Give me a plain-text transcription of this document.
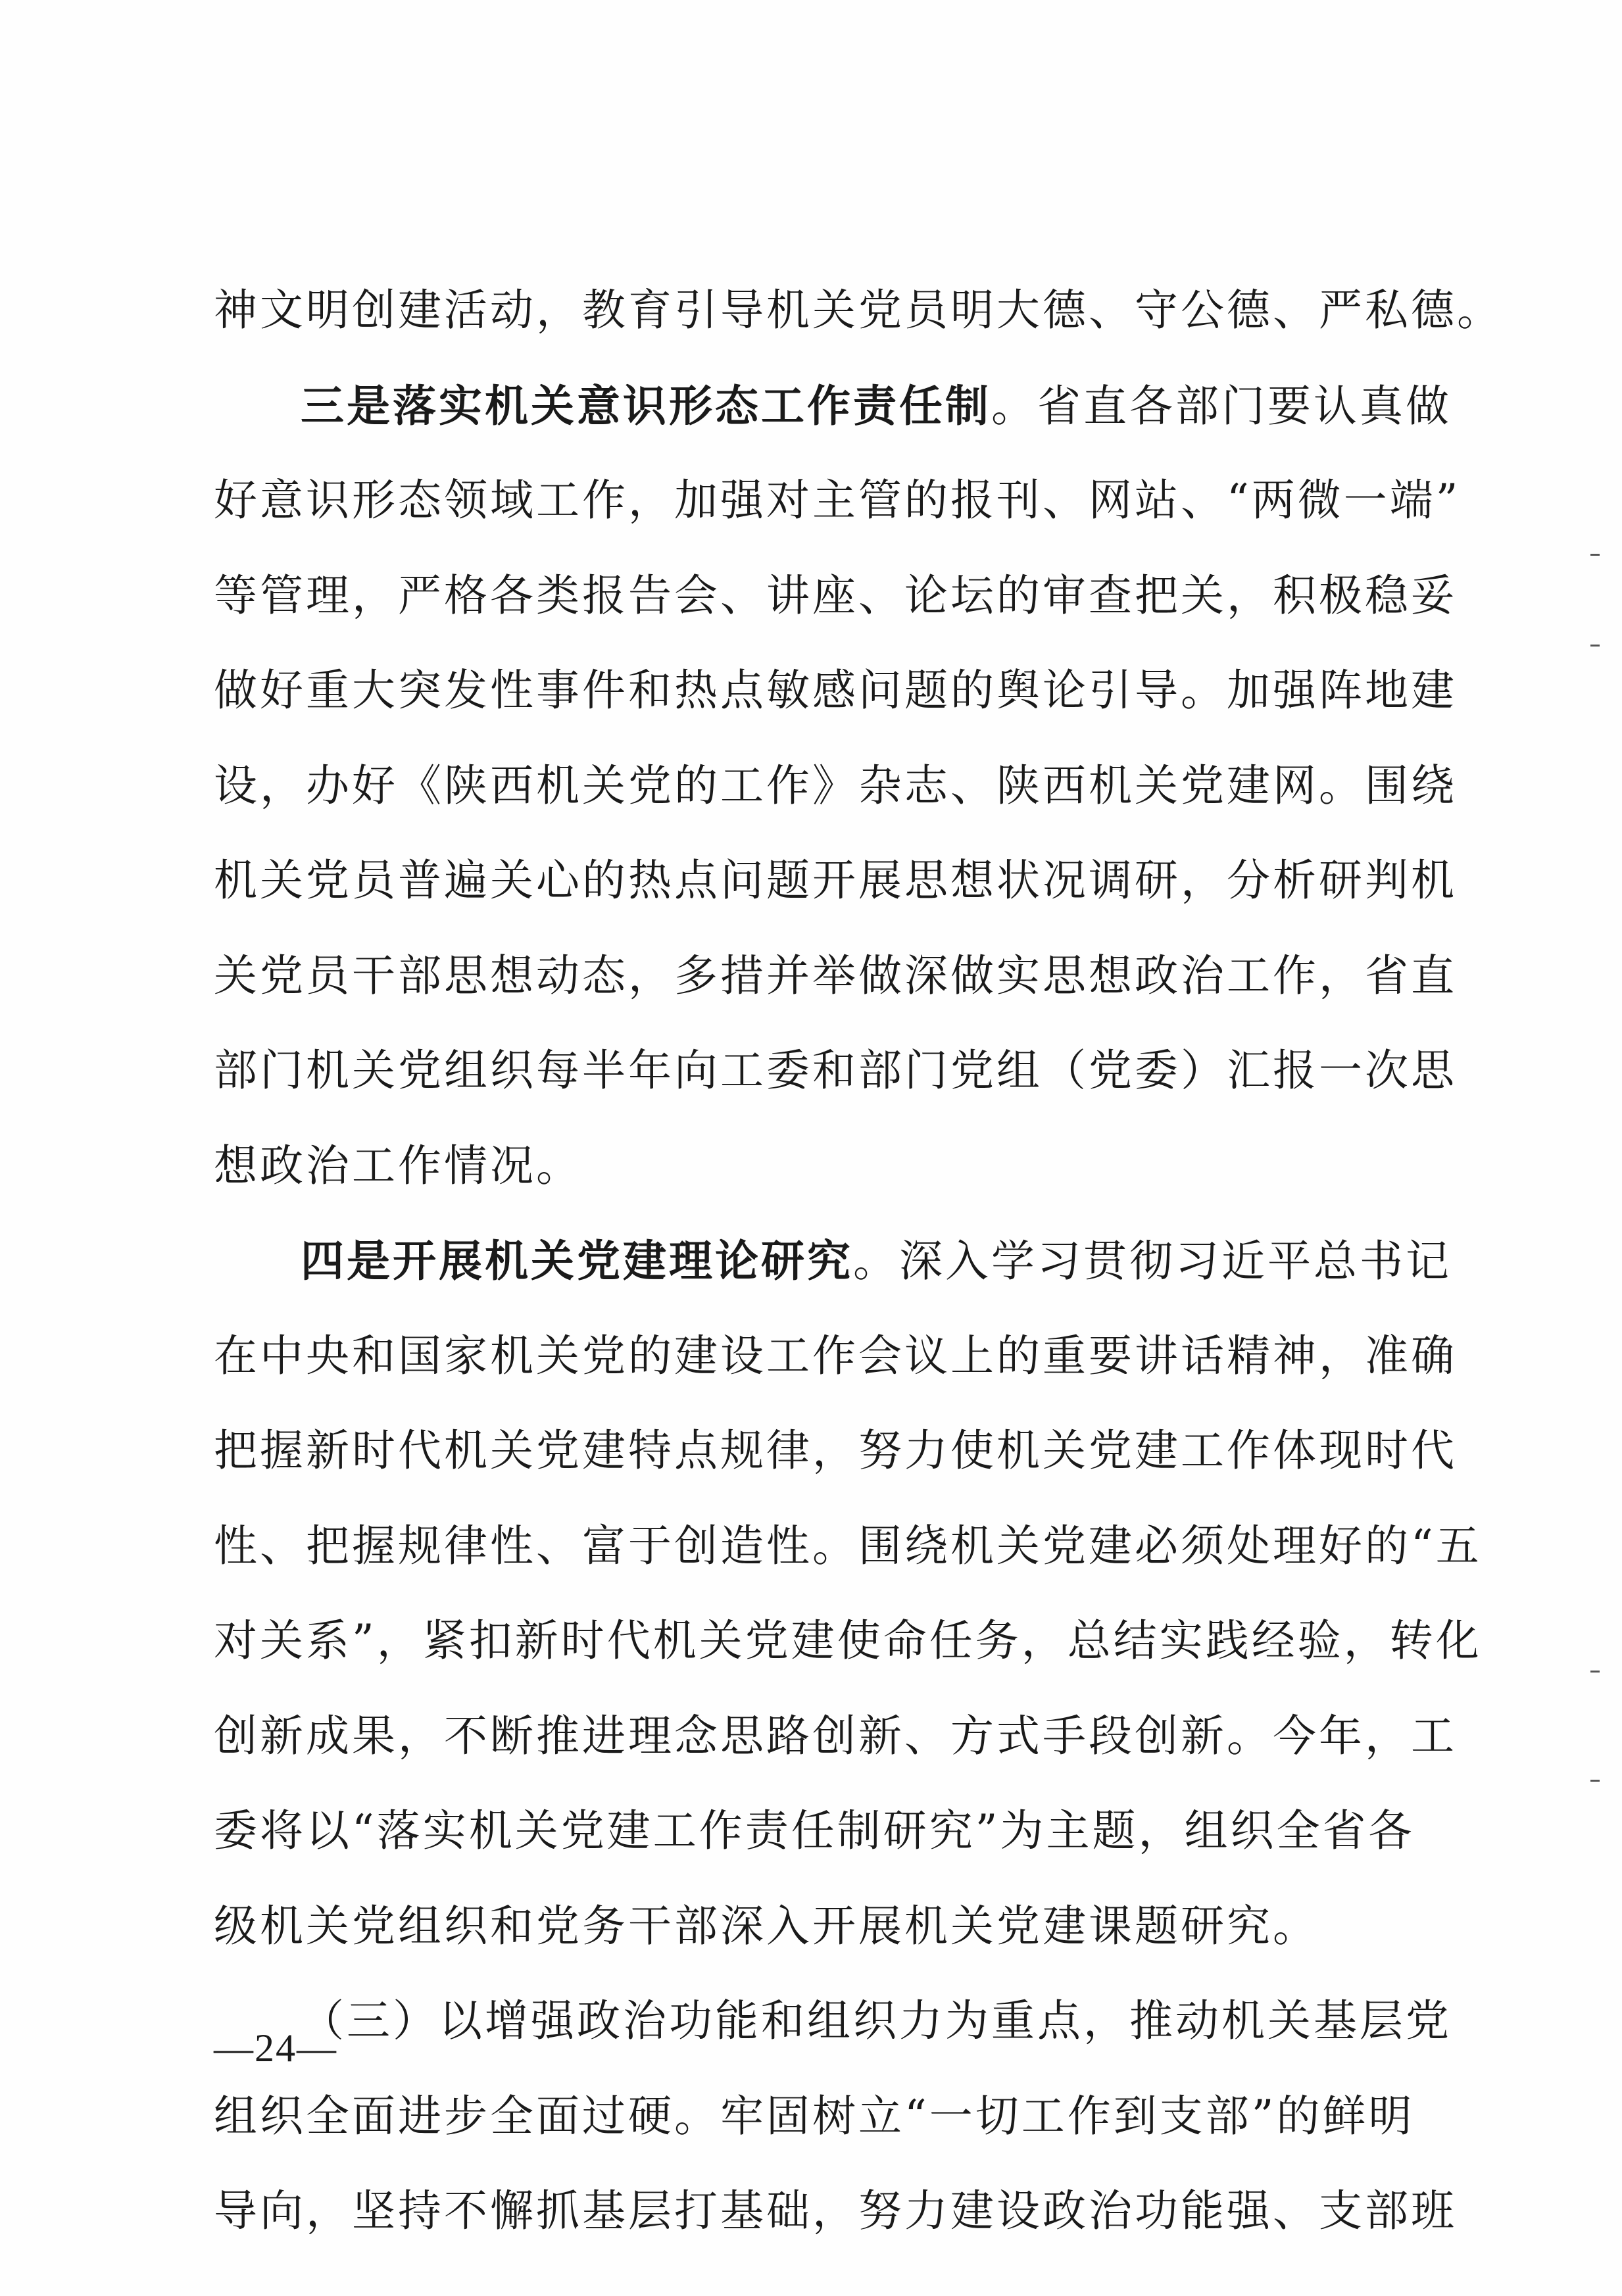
神文明创建活动，教育引导机关党员明大德、守公德、严私德。
三是落实机关意识形态工作责任制。省直各部门要认真做
好意识形态领域工作，加强对主管的报刊、网站、“两微一端”
等管理，严格各类报告会、讲座、论坛的审查把关，积极稳妥
做好重大突发性事件和热点敏感问题的舆论引导。加强阵地建
设，办好《陕西机关党的工作》杂志、陕西机关党建网。围绕
机关党员普遍关心的热点问题开展思想状况调研，分析研判机
关党员干部思想动态，多措并举做深做实思想政治工作，省直
部门机关党组织每半年向工委和部门党组（党委）汇报一次思
想政治工作情况。
四是开展机关党建理论研究。深入学习贯彻习近平总书记
在中央和国家机关党的建设工作会议上的重要讲话精神，准确
把握新时代机关党建特点规律，努力使机关党建工作体现时代
性、把握规律性、富于创造性。围绕机关党建必须处理好的“五
对关系”，紧扣新时代机关党建使命任务，总结实践经验，转化
创新成果，不断推进理念思路创新、方式手段创新。今年，工
委将以“落实机关党建工作责任制研究”为主题，组织全省各
级机关党组织和党务干部深入开展机关党建课题研究。
（三）以增强政治功能和组织力为重点，推动机关基层党
组织全面进步全面过硬。牢固树立“一切工作到支部”的鲜明
导向，坚持不懈抓基层打基础，努力建设政治功能强、支部班
—24—
